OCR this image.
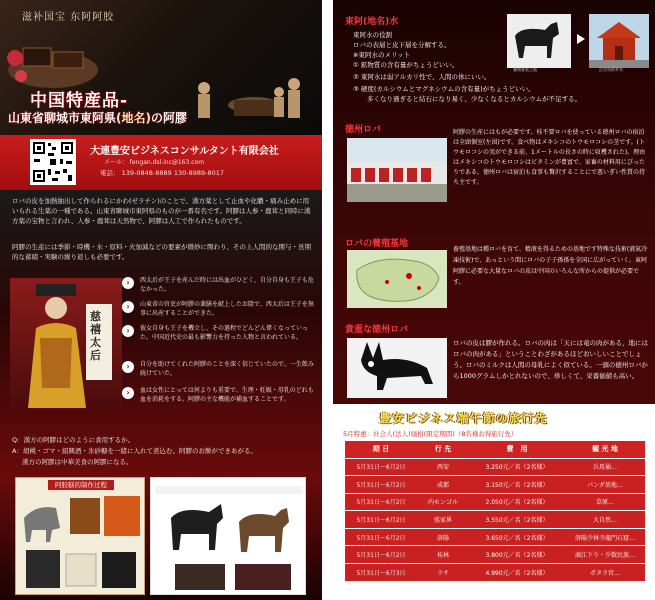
滋补国宝 东阿阿胶
中国特産品-
山東省聊城市東阿県(地名)の阿膠
大連豊安ビジネスコンサルタント有限会社
メール： fengan.dsl.inc@163.com
電話： 139-0848-8889 130-8989-8017
ロバの皮を加熱抽出して作られるにかわ(ゼラチン)のことで、漢方薬として止血や化膿・痛み止めに用いられる生薬の一種である。山東省聊城市東阿県のものが一番有名です。阿膠は人参・鹿茸と同時に漢方薬の宝物と言われ、人参・鹿茸は天然物で、阿膠は人工で作られたものです。
阿膠の生産には季節・時機・水・原料・火加減などの要素が微妙に関わり、その上人間的な関与・長期的な蓄積・実験の繰り返しも必要です。
慈禧太后
›	西太后が王子を産んだ時には出血がひどく、自分自身も王子も危なかった。
›	山東省の官吏が阿膠の薬膳を献上したお陰で、西太后は王子を無事に出産することができた。
›	彼女自身も王子を機立し、その過程でどんどん偉くなっていった。中国近代史の最も影響力を持った人物と言われている。
›	自分を助けてくれた阿膠のことを深く信じていたので、一生飲み続けていた。
›	血は女性にとっては何よりも重要で、生理・妊娠・母乳のどれも血を消耗をする。阿膠の主な機能が補血することです。
Q：漢方の阿膠はどのように食用するか。
A：胡桃・ゴマ・紹興酒・氷砂糖を一緒に入れて煮込む。阿膠のお餅ができあがる。
漢方の阿膠は中華美食の阿膠になる。
阿胶糕的制作过程
東阿(地名)水
東阿水の役割
ロバの表層と皮下層を分解する。
※東阿水のメリット
① 鉱物質の含有量がちょうどいい。
② 東阿水は弱アルカリ性で、人間の体にいい。
③ 硬度(カルシウムとマグネシウムの含有量)がちょうどいい。
多くなり過ぎると結石になり易く、少なくなるとカルシウムが不足する。
養殖基家之地	正宗东阿井水
徳州ロバ	阿膠の生産にはもが必要です。桂不要ロバを使っている徳州ロバの宿泊は全頭個室(左図)です。食べ物はメキシコのトウモロコシの茎です。(トウモロコシの実ができる前、1メートルの長さの時に収穫された)。理由はメキシコのトウモロコシはビタミンが豊富で、家畜の材料用にぴったりである。徳州ロバは宿泊も食事も贅沢することにで悪いぎい性質の持ち主です。
ロバの養殖基地
養殖基地は種ロバを育て、精液を得るための基地です特殊な技術(液氮冷凍技術)で、あっという間にロバの子子孫孫を全国に広がっていく。東阿阿膠に必要な大量なロバの皮は中国のいろんな所からの提供が必要です。
貴重な徳州ロバ
ロバの皮は膠が作れる。ロバの肉は「天には竜の肉がある、地にはロバの肉がある」ということわざがあるほどおいしいことでしょう。ロバのミルクは人間の母乳によく似ている。一頭の徳州ロバから1000グラムしかとれないので、珍しくて、栄養価値も高い。
豊安ビジネス端午節の旅行先
5月特惠：社会人(法人)価格(限定期間)（8名様お得旅行先）
期 日	行 先	費　用	観 光 地
5月31日～6月2日	西安	3.250元／名（2名様）	兵馬俑…
5月31日～6月2日	成都	3.150元／名（2名様）	パンダ基地…
5月31日～6月2日	内モンゴル	2.050元／名（2名様）	草原…
5月31日～6月2日	張家界	3.550元／名（2名様）	大自然…
5月31日～6月2日	洛陽	3.650元／名（2名様）	洛陽少林寺龍門石窟…
5月31日～6月2日	桂林	3.800元／名（2名様）	漓江下り・少数民族…
5月31日～6月3日	ラサ	4.990元／名（2名様）	ポタラ宮…
